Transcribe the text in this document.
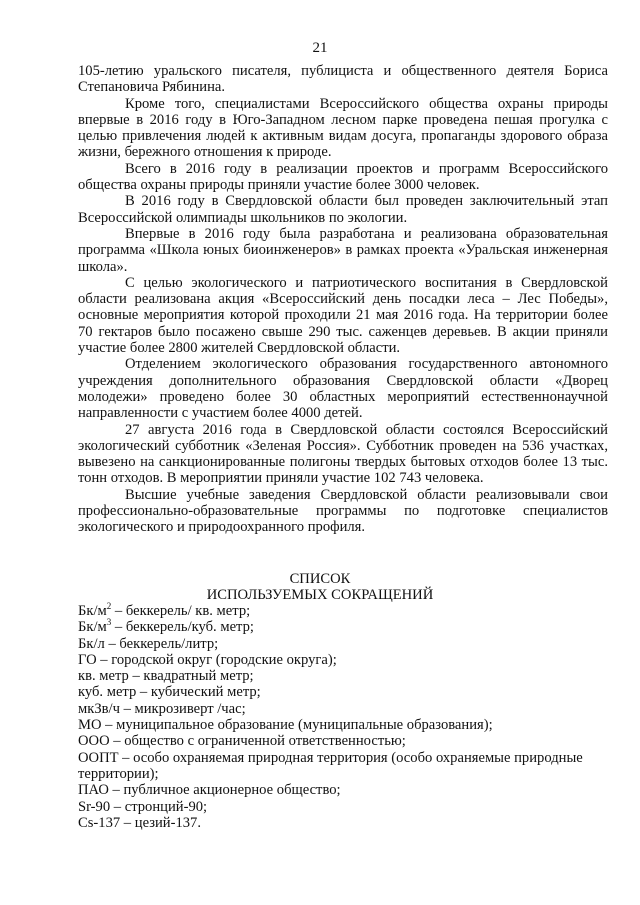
21

105-летию уральского писателя, публициста и общественного деятеля Бориса Степановича Рябинина.

Кроме того, специалистами Всероссийского общества охраны природы впервые в 2016 году в Юго-Западном лесном парке проведена пешая прогулка с целью привлечения людей к активным видам досуга, пропаганды здорового образа жизни, бережного отношения к природе.

Всего в 2016 году в реализации проектов и программ Всероссийского общества охраны природы приняли участие более 3000 человек.

В 2016 году в Свердловской области был проведен заключительный этап Всероссийской олимпиады школьников по экологии.

Впервые в 2016 году была разработана и реализована образовательная программа «Школа юных биоинженеров» в рамках проекта «Уральская инженерная школа».

С целью экологического и патриотического воспитания в Свердловской области реализована акция «Всероссийский день посадки леса – Лес Победы», основные мероприятия которой проходили 21 мая 2016 года. На территории более 70 гектаров было посажено свыше 290 тыс. саженцев деревьев. В акции приняли участие более 2800 жителей Свердловской области.

Отделением экологического образования государственного автономного учреждения дополнительного образования Свердловской области «Дворец молодежи» проведено более 30 областных мероприятий естественнонаучной направленности с участием более 4000 детей.

27 августа 2016 года в Свердловской области состоялся Всероссийский экологический субботник «Зеленая Россия». Субботник проведен на 536 участках, вывезено на санкционированные полигоны твердых бытовых отходов более 13 тыс. тонн отходов. В мероприятии приняли участие 102 743 человека.

Высшие учебные заведения Свердловской области реализовывали свои профессионально-образовательные программы по подготовке специалистов экологического и природоохранного профиля.

СПИСОК
ИСПОЛЬЗУЕМЫХ СОКРАЩЕНИЙ
$Бк/м^2$ – беккерель/ кв. метр;
$Бк/м^3$ – беккерель/куб. метр;
Бк/л – беккерель/литр;
ГО – городской округ (городские округа);
кв. метр – квадратный метр;
куб. метр – кубический метр;
мкЗв/ч – микрозиверт /час;
МО – муниципальное образование (муниципальные образования);
ООО – общество с ограниченной ответственностью;
ООПТ – особо охраняемая природная территория (особо охраняемые природные территории);
ПАО – публичное акционерное общество;
Sr-90 – стронций-90;
Cs-137 – цезий-137.
